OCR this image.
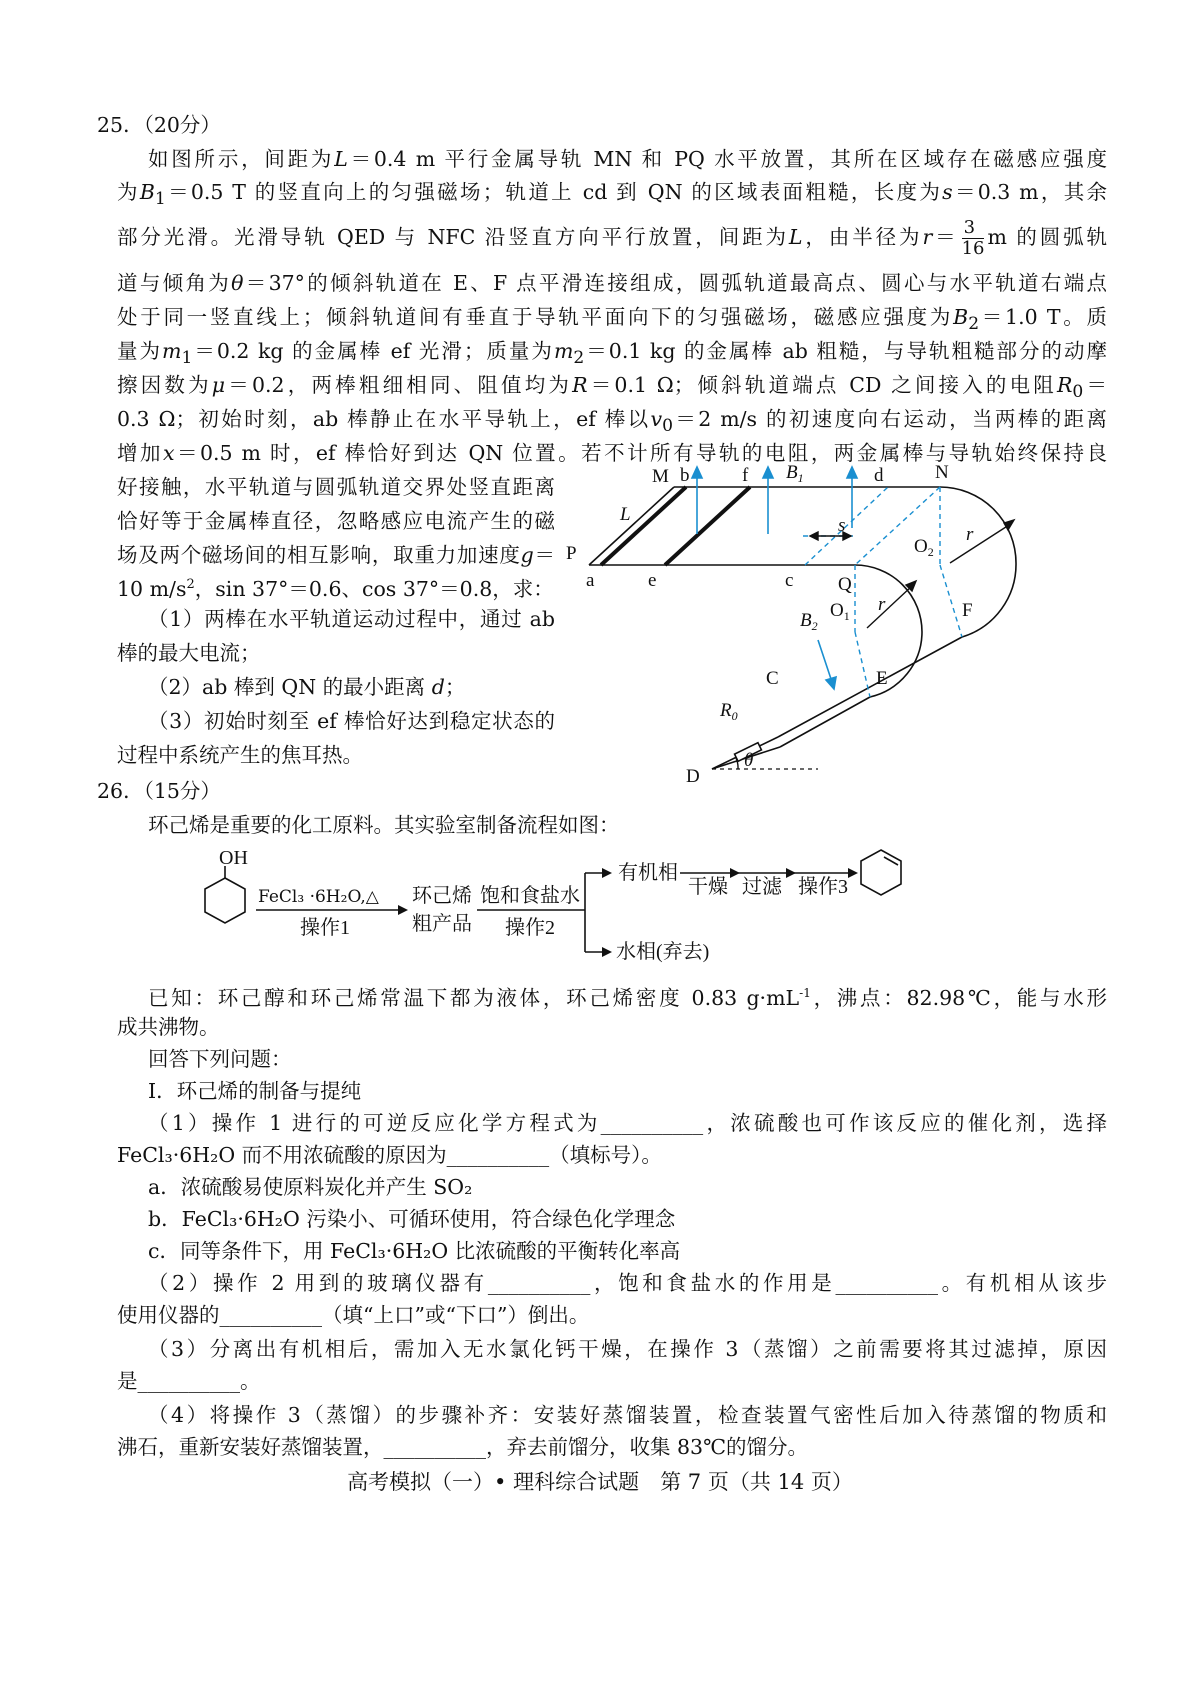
25．（20分）
如图所示，间距为L＝0.4 m 平行金属导轨 MN 和 PQ 水平放置，其所在区域存在磁感应强度
为$B_1=0.5$ T 的竖直向上的匀强磁场；轨道上 cd 到 QN 的区域表面粗糙，长度为s＝0.3 m，其余
部分光滑。光滑导轨 QED 与 NFC 沿竖直方向平行放置，间距为L，由半径为$r= \frac{3}{16}$ m 的圆弧轨
道与倾角为θ＝37°的倾斜轨道在 E、F 点平滑连接组成，圆弧轨道最高点、圆心与水平轨道右端点
处于同一竖直线上；倾斜轨道间有垂直于导轨平面向下的匀强磁场，磁感应强度为$B_2=1.0$ T。质
量为$m_1=0.2$ kg 的金属棒 ef 光滑；质量为$m_2=0.1$ kg 的金属棒 ab 粗糙，与导轨粗糙部分的动摩
擦因数为μ＝0.2，两棒粗细相同、阻值均为R＝0.1 Ω；倾斜轨道端点 CD 之间接入的电阻$R_0=$
0.3 Ω；初始时刻，ab 棒静止在水平导轨上，ef 棒以$v_0=2$ m/s 的初速度向右运动，当两棒的距离
增加x＝0.5 m 时，ef 棒恰好到达 QN 位置。若不计所有导轨的电阻，两金属棒与导轨始终保持良
好接触，水平轨道与圆弧轨道交界处竖直距离
恰好等于金属棒直径，忽略感应电流产生的磁
场及两个磁场间的相互影响，取重力加速度g＝
10 $m/s^2$，sin 37°＝0.6、cos 37°＝0.8，求：
（1）两棒在水平轨道运动过程中，通过 ab
棒的最大电流；
（2）ab 棒到 QN 的最小距离 d；
（3）初始时刻至 ef 棒恰好达到稳定状态的
过程中系统产生的焦耳热。
M b	f $B_1$	d	N
L
P
a	e	c Q
s
$O_2$
r
$O_1$
r	F
$B_2$
C	E
$R_0$
θ
D
26．（15分）
环己烯是重要的化工原料。其实验室制备流程如图：
OH
FeCl₃ ·6H₂O,△
操作1
环己烯
粗产品
饱和食盐水
操作2
有机相
干燥 过滤 操作3
水相(弃去)
已知：环己醇和环己烯常温下都为液体，环己烯密度 0.83 $g\cdot mL^{-1}$，沸点：82.98℃，能与水形
成共沸物。
回答下列问题：
Ⅰ．环己烯的制备与提纯
（1）操作 1 进行的可逆反应化学方程式为__________，浓硫酸也可作该反应的催化剂，选择
FeCl₃·6H₂O 而不用浓硫酸的原因为__________（填标号）。
a．浓硫酸易使原料炭化并产生 SO₂
b．FeCl₃·6H₂O 污染小、可循环使用，符合绿色化学理念
c．同等条件下，用 FeCl₃·6H₂O 比浓硫酸的平衡转化率高
（2）操作 2 用到的玻璃仪器有__________，饱和食盐水的作用是__________。有机相从该步
使用仪器的__________（填“上口”或“下口”）倒出。
（3）分离出有机相后，需加入无水氯化钙干燥，在操作 3（蒸馏）之前需要将其过滤掉，原因
是__________。
（4）将操作 3（蒸馏）的步骤补齐：安装好蒸馏装置，检查装置气密性后加入待蒸馏的物质和
沸石，重新安装好蒸馏装置，__________，弃去前馏分，收集 83℃的馏分。
高考模拟（一）• 理科综合试题　第 7 页（共 14 页）
